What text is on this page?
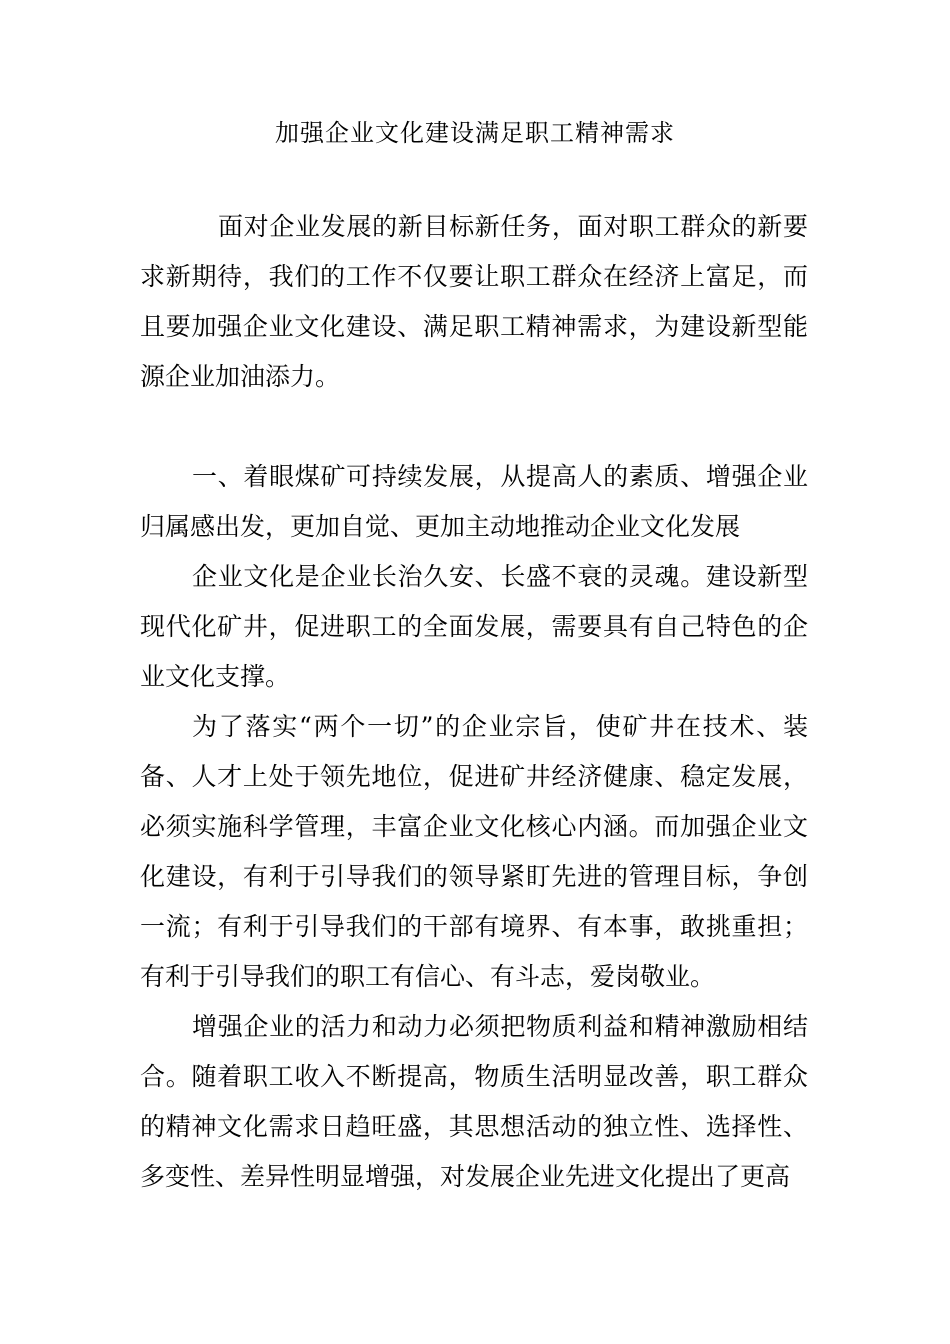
加强企业文化建设满足职工精神需求

面对企业发展的新目标新任务，面对职工群众的新要求新期待，我们的工作不仅要让职工群众在经济上富足，而且要加强企业文化建设、满足职工精神需求，为建设新型能源企业加油添力。

一、着眼煤矿可持续发展，从提高人的素质、增强企业归属感出发，更加自觉、更加主动地推动企业文化发展

企业文化是企业长治久安、长盛不衰的灵魂。建设新型现代化矿井，促进职工的全面发展，需要具有自己特色的企业文化支撑。

为了落实“两个一切”的企业宗旨，使矿井在技术、装备、人才上处于领先地位，促进矿井经济健康、稳定发展，必须实施科学管理，丰富企业文化核心内涵。而加强企业文化建设，有利于引导我们的领导紧盯先进的管理目标，争创一流；有利于引导我们的干部有境界、有本事，敢挑重担；有利于引导我们的职工有信心、有斗志，爱岗敬业。

增强企业的活力和动力必须把物质利益和精神激励相结合。随着职工收入不断提高，物质生活明显改善，职工群众的精神文化需求日趋旺盛，其思想活动的独立性、选择性、多变性、差异性明显增强，对发展企业先进文化提出了更高
